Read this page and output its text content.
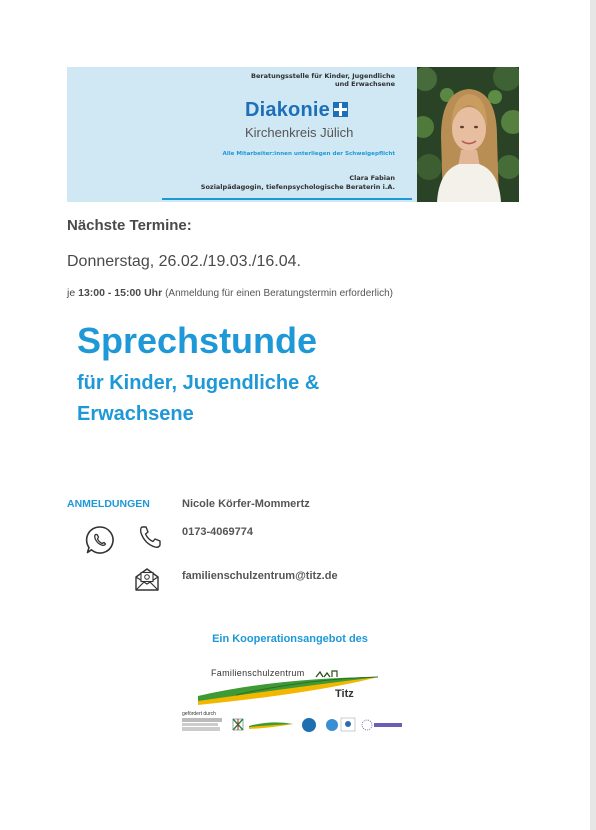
Beratungsstelle für Kinder, Jugendliche
und Erwachsene
Diakonie
Kirchenkreis Jülich
Alle Mitarbeiter:innen unterliegen der Schweigepflicht
Clara Fabian
Sozialpädagogin, tiefenpsychologische Beraterin i.A.
Nächste Termine:
Donnerstag, 26.02./19.03./16.04.
je 13:00 - 15:00 Uhr (Anmeldung für einen Beratungstermin erforderlich)
Sprechstunde
für Kinder, Jugendliche &
Erwachsene
ANMELDUNGEN	Nicole Körfer-Mommertz
0173-4069774
familienschulzentrum@titz.de
Ein Kooperationsangebot des
Familienschulzentrum
Titz
gefördert durch
